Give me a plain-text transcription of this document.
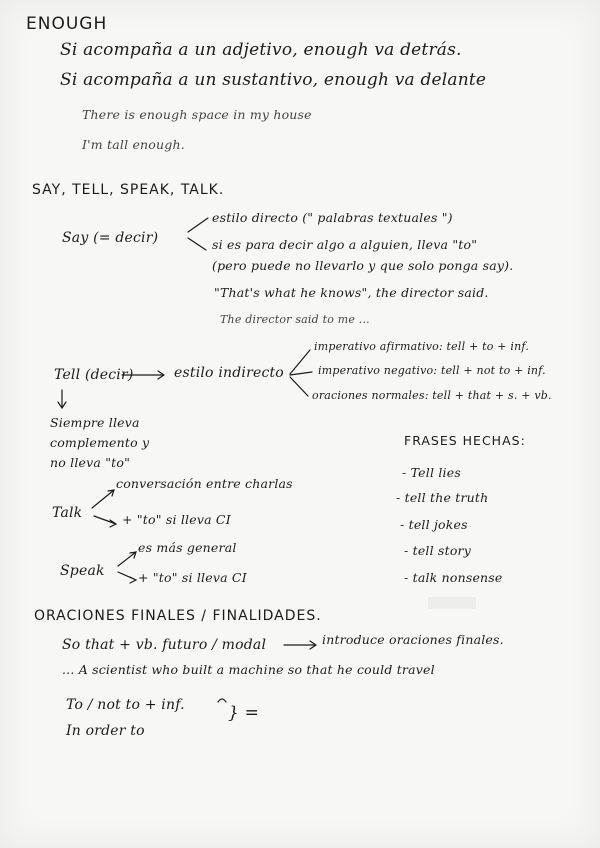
ENOUGH
Si acompaña a un adjetivo, enough va detrás.
Si acompaña a un sustantivo, enough va delante
There is enough space in my house
I'm tall enough.
SAY, TELL, SPEAK, TALK.
Say (= decir)
estilo directo (" palabras textuales ")
si es para decir algo a alguien, lleva "to"
(pero puede no llevarlo y que solo ponga say).
"That's what he knows", the director said.
The director said to me ...
Tell (decir)	estilo indirecto
imperativo afirmativo: tell + to + inf.
imperativo negativo: tell + not to + inf.
oraciones normales: tell + that + s. + vb.
Siempre lleva
complemento y
no lleva "to"
Talk
conversación entre charlas
+ "to" si lleva CI
Speak
es más general
+ "to" si lleva CI
FRASES HECHAS:
- Tell lies
- tell the truth
- tell jokes
- tell story
- talk nonsense
ORACIONES FINALES / FINALIDADES.
So that + vb. futuro / modal	introduce oraciones finales.
... A scientist who built a machine so that he could travel
To / not to + inf.
In order to
} =
